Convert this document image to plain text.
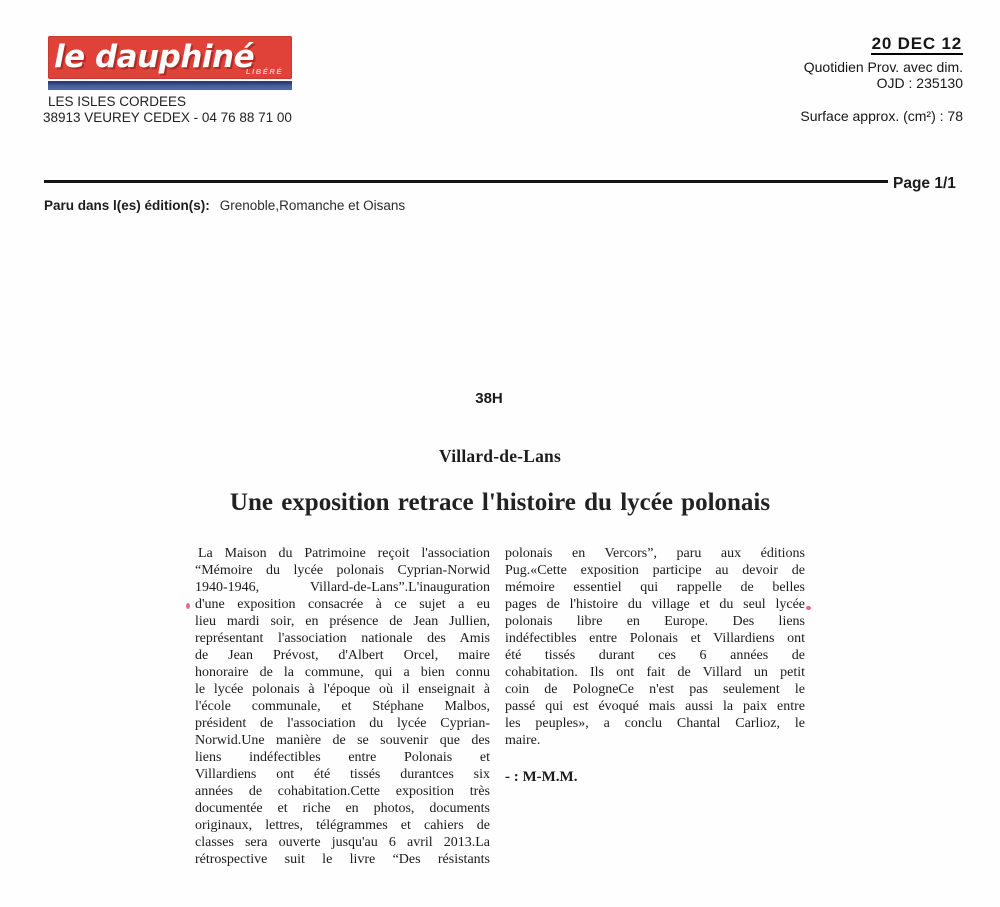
le dauphiné
LIBÉRÉ
LES ISLES CORDEES
38913 VEUREY CEDEX - 04 76 88 71 00
20 DEC 12
Quotidien Prov. avec dim.
OJD : 235130
Surface approx. (cm²) : 78
Page 1/1
Paru dans l(es) édition(s): Grenoble,Romanche et Oisans
38H
Villard-de-Lans
Une exposition retrace l'histoire du lycée polonais
La Maison du Patrimoine reçoit l'association
“Mémoire du lycée polonais Cyprian-Norwid
1940-1946, Villard-de-Lans”.L'inauguration
d'une exposition consacrée à ce sujet a eu
lieu mardi soir, en présence de Jean Jullien,
représentant l'association nationale des Amis
de Jean Prévost, d'Albert Orcel, maire
honoraire de la commune, qui a bien connu
le lycée polonais à l'époque où il enseignait à
l'école communale, et Stéphane Malbos,
président de l'association du lycée Cyprian-
Norwid.Une manière de se souvenir que des
liens indéfectibles entre Polonais et
Villardiens ont été tissés durantces six
années de cohabitation.Cette exposition très
documentée et riche en photos, documents
originaux, lettres, télégrammes et cahiers de
classes sera ouverte jusqu'au 6 avril 2013.La
rétrospective suit le livre “Des résistants
polonais en Vercors”, paru aux éditions
Pug.«Cette exposition participe au devoir de
mémoire essentiel qui rappelle de belles
pages de l'histoire du village et du seul lycée
polonais libre en Europe. Des liens
indéfectibles entre Polonais et Villardiens ont
été tissés durant ces 6 années de
cohabitation. Ils ont fait de Villard un petit
coin de PologneCe n'est pas seulement le
passé qui est évoqué mais aussi la paix entre
les peuples», a conclu Chantal Carlioz, le
maire.
- : M-M.M.
